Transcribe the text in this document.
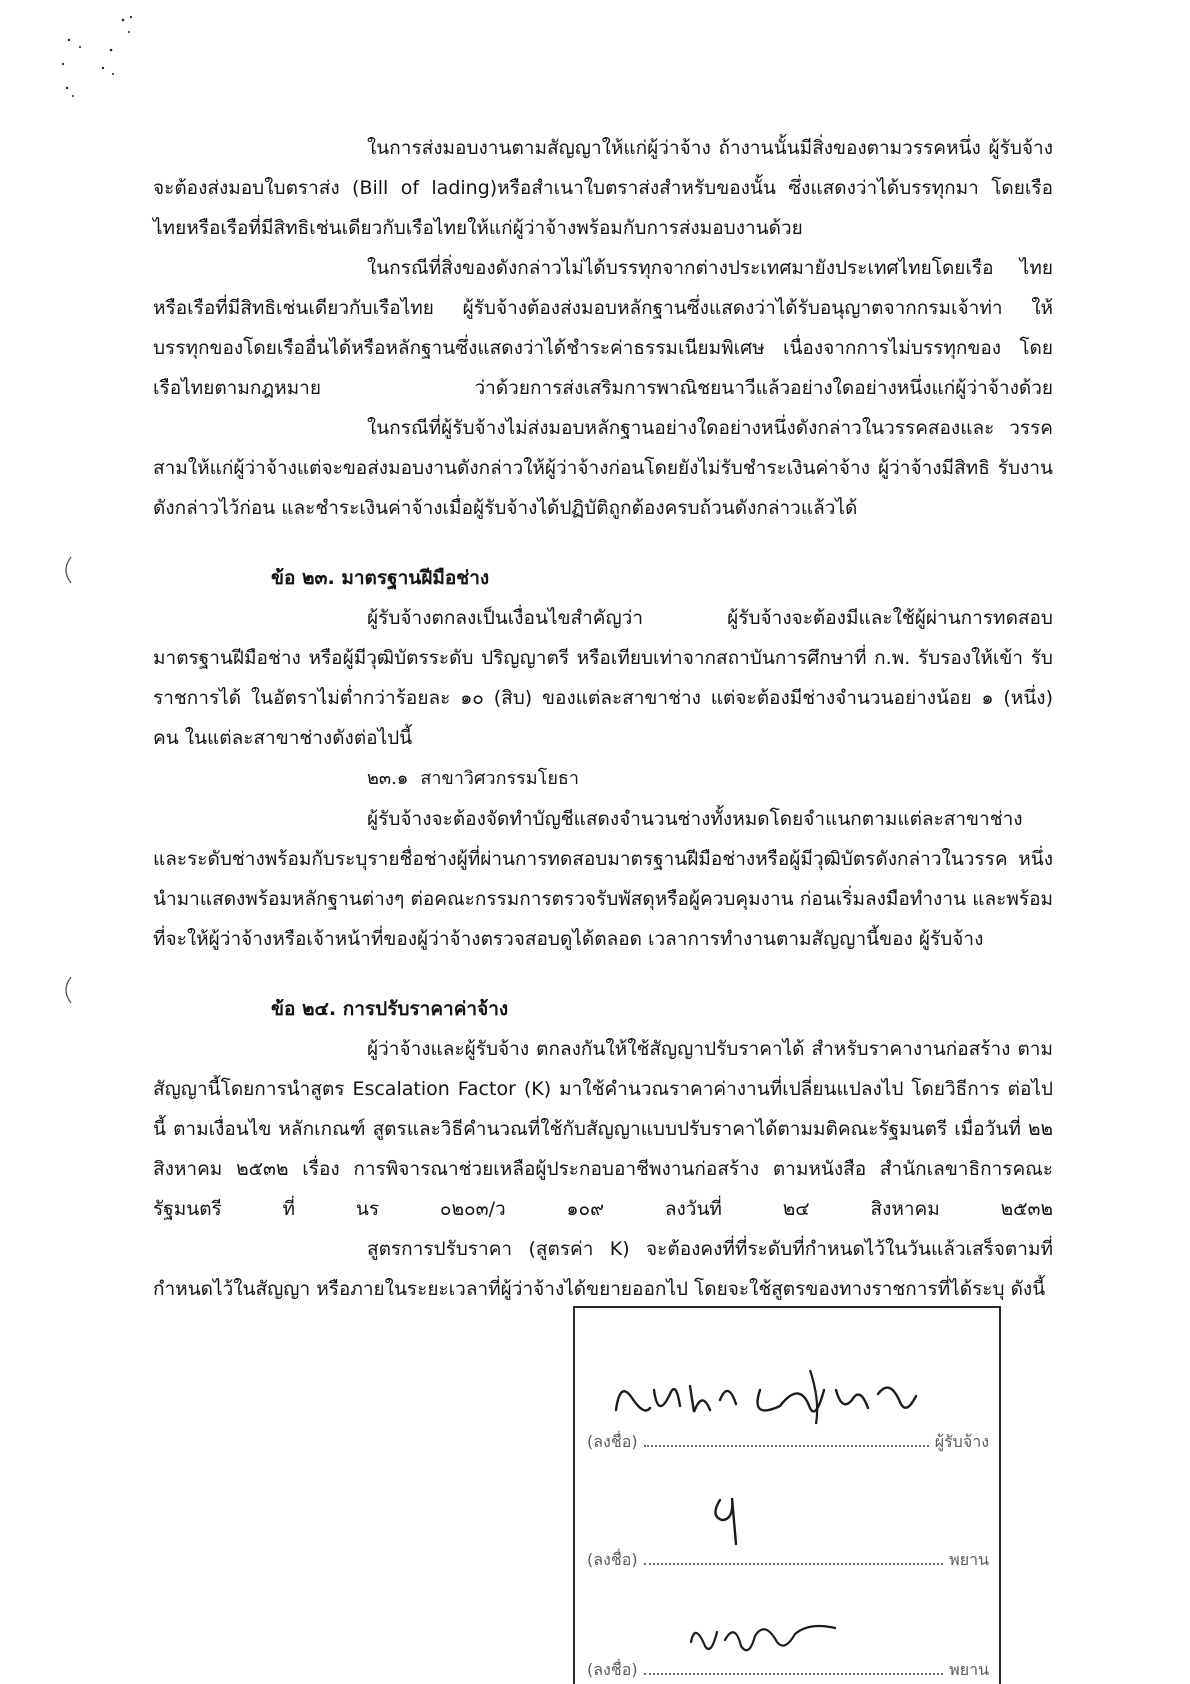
ในการส่งมอบงานตามสัญญาให้แก่ผู้ว่าจ้าง ถ้างานนั้นมีสิ่งของตามวรรคหนึ่ง ผู้รับจ้างจะต้องส่งมอบใบตราส่ง (Bill of lading)หรือสำเนาใบตราส่งสำหรับของนั้น ซึ่งแสดงว่าได้บรรทุกมา โดยเรือไทยหรือเรือที่มีสิทธิเช่นเดียวกับเรือไทยให้แก่ผู้ว่าจ้างพร้อมกับการส่งมอบงานด้วย

ในกรณีที่สิ่งของดังกล่าวไม่ได้บรรทุกจากต่างประเทศมายังประเทศไทยโดยเรือ ไทยหรือเรือที่มีสิทธิเช่นเดียวกับเรือไทย ผู้รับจ้างต้องส่งมอบหลักฐานซึ่งแสดงว่าได้รับอนุญาตจากกรมเจ้าท่า ให้บรรทุกของโดยเรืออื่นได้หรือหลักฐานซึ่งแสดงว่าได้ชำระค่าธรรมเนียมพิเศษ เนื่องจากการไม่บรรทุกของ โดยเรือไทยตามกฎหมาย ว่าด้วยการส่งเสริมการพาณิชยนาวีแล้วอย่างใดอย่างหนึ่งแก่ผู้ว่าจ้างด้วย

ในกรณีที่ผู้รับจ้างไม่ส่งมอบหลักฐานอย่างใดอย่างหนึ่งดังกล่าวในวรรคสองและ วรรคสามให้แก่ผู้ว่าจ้างแต่จะขอส่งมอบงานดังกล่าวให้ผู้ว่าจ้างก่อนโดยยังไม่รับชำระเงินค่าจ้าง ผู้ว่าจ้างมีสิทธิ รับงานดังกล่าวไว้ก่อน และชำระเงินค่าจ้างเมื่อผู้รับจ้างได้ปฏิบัติถูกต้องครบถ้วนดังกล่าวแล้วได้

ข้อ ๒๓. มาตรฐานฝีมือช่าง

ผู้รับจ้างตกลงเป็นเงื่อนไขสำคัญว่า ผู้รับจ้างจะต้องมีและใช้ผู้ผ่านการทดสอบ มาตรฐานฝีมือช่าง หรือผู้มีวุฒิบัตรระดับ ปริญญาตรี หรือเทียบเท่าจากสถาบันการศึกษาที่ ก.พ. รับรองให้เข้า รับราชการได้ ในอัตราไม่ต่ำกว่าร้อยละ ๑๐ (สิบ) ของแต่ละสาขาช่าง แต่จะต้องมีช่างจำนวนอย่างน้อย ๑ (หนึ่ง) คน ในแต่ละสาขาช่างดังต่อไปนี้

๒๓.๑ สาขาวิศวกรรมโยธา

ผู้รับจ้างจะต้องจัดทำบัญชีแสดงจำนวนช่างทั้งหมดโดยจำแนกตามแต่ละสาขาช่าง และระดับช่างพร้อมกับระบุรายชื่อช่างผู้ที่ผ่านการทดสอบมาตรฐานฝีมือช่างหรือผู้มีวุฒิบัตรดังกล่าวในวรรค หนึ่งนำมาแสดงพร้อมหลักฐานต่างๆ ต่อคณะกรรมการตรวจรับพัสดุหรือผู้ควบคุมงาน ก่อนเริ่มลงมือทำงาน และพร้อมที่จะให้ผู้ว่าจ้างหรือเจ้าหน้าที่ของผู้ว่าจ้างตรวจสอบดูได้ตลอด เวลาการทำงานตามสัญญานี้ของ ผู้รับจ้าง

ข้อ ๒๔. การปรับราคาค่าจ้าง

ผู้ว่าจ้างและผู้รับจ้าง ตกลงกันให้ใช้สัญญาปรับราคาได้ สำหรับราคางานก่อสร้าง ตามสัญญานี้โดยการนำสูตร Escalation Factor (K) มาใช้คำนวณราคาค่างานที่เปลี่ยนแปลงไป โดยวิธีการ ต่อไปนี้ ตามเงื่อนไข หลักเกณฑ์ สูตรและวิธีคำนวณที่ใช้กับสัญญาแบบปรับราคาได้ตามมติคณะรัฐมนตรี เมื่อวันที่ ๒๒ สิงหาคม ๒๕๓๒ เรื่อง การพิจารณาช่วยเหลือผู้ประกอบอาชีพงานก่อสร้าง ตามหนังสือ สำนักเลขาธิการคณะรัฐมนตรี ที่ นร ๐๒๐๓/ว ๑๐๙ ลงวันที่ ๒๔ สิงหาคม ๒๕๓๒

สูตรการปรับราคา (สูตรค่า K) จะต้องคงที่ที่ระดับที่กำหนดไว้ในวันแล้วเสร็จตามที่ กำหนดไว้ในสัญญา หรือภายในระยะเวลาที่ผู้ว่าจ้างได้ขยายออกไป โดยจะใช้สูตรของทางราชการที่ได้ระบุ ดังนี้

(ลงชื่อ)	ผู้รับจ้าง
(ลงชื่อ)	พยาน
(ลงชื่อ)	พยาน
